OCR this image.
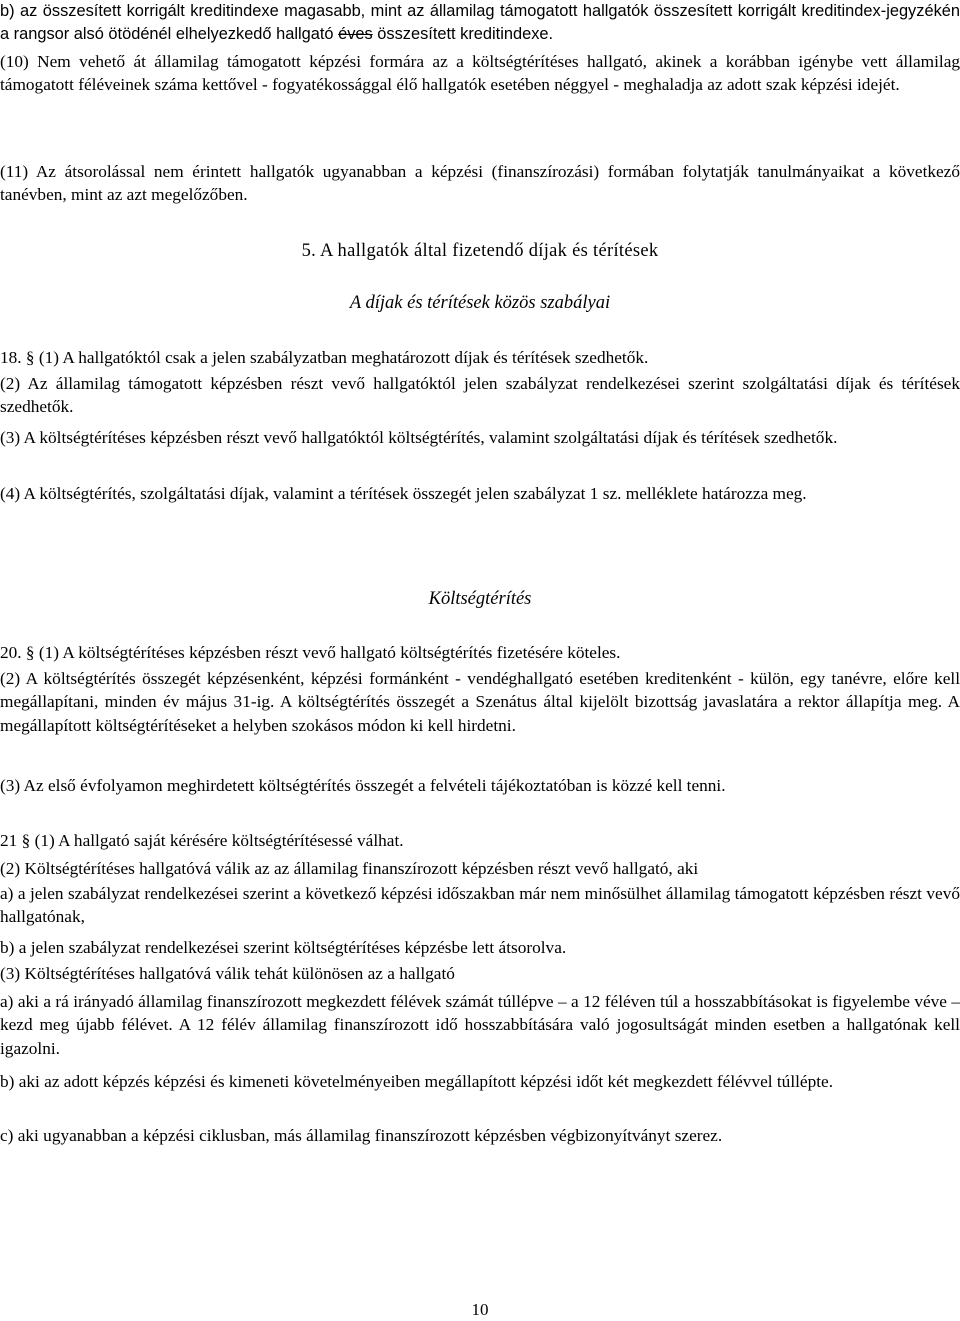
b) az összesített korrigált kreditindexe magasabb, mint az államilag támogatott hallgatók összesített korrigált kreditindex-jegyzékén a rangsor alsó ötödénél elhelyezkedő hallgató éves összesített kreditindexe.
(10) Nem vehető át államilag támogatott képzési formára az a költségtérítéses hallgató, akinek a korábban igénybe vett államilag támogatott féléveinek száma kettővel - fogyatékossággal élő hallgatók esetében néggyel - meghaladja az adott szak képzési idejét.
(11) Az átsorolással nem érintett hallgatók ugyanabban a képzési (finanszírozási) formában folytatják tanulmányaikat a következő tanévben, mint az azt megelőzőben.
5. A hallgatók által fizetendő díjak és térítések
A díjak és térítések közös szabályai
18. § (1) A hallgatóktól csak a jelen szabályzatban meghatározott díjak és térítések szedhetők.
(2) Az államilag támogatott képzésben részt vevő hallgatóktól jelen szabályzat rendelkezései szerint szolgáltatási díjak és térítések szedhetők.
(3) A költségtérítéses képzésben részt vevő hallgatóktól költségtérítés, valamint szolgáltatási díjak és térítések szedhetők.
(4) A költségtérítés, szolgáltatási díjak, valamint a térítések összegét jelen szabályzat 1 sz. melléklete határozza meg.
Költségtérítés
20. § (1) A költségtérítéses képzésben részt vevő hallgató költségtérítés fizetésére köteles.
(2) A költségtérítés összegét képzésenként, képzési formánként - vendéghallgató esetében kreditenként - külön, egy tanévre, előre kell megállapítani, minden év május 31-ig. A költségtérítés összegét a Szenátus által kijelölt bizottság javaslatára a rektor állapítja meg. A megállapított költségtérítéseket a helyben szokásos módon ki kell hirdetni.
(3) Az első évfolyamon meghirdetett költségtérítés összegét a felvételi tájékoztatóban is közzé kell tenni.
21 § (1) A hallgató saját kérésére költségtérítésessé válhat.
(2) Költségtérítéses hallgatóvá válik az az államilag finanszírozott képzésben részt vevő hallgató, aki
a) a jelen szabályzat rendelkezései szerint a következő képzési időszakban már nem minősülhet államilag támogatott képzésben részt vevő hallgatónak,
b) a jelen szabályzat rendelkezései szerint költségtérítéses képzésbe lett átsorolva.
(3) Költségtérítéses hallgatóvá válik tehát különösen az a hallgató
a) aki a rá irányadó államilag finanszírozott megkezdett félévek számát túllépve – a 12 féléven túl a hosszabbításokat is figyelembe véve – kezd meg újabb félévet. A 12 félév államilag finanszírozott idő hosszabbítására való jogosultságát minden esetben a hallgatónak kell igazolni.
b) aki az adott képzés képzési és kimeneti követelményeiben megállapított képzési időt két megkezdett félévvel túllépte.
c) aki ugyanabban a képzési ciklusban, más államilag finanszírozott képzésben végbizonyítványt szerez.
10
